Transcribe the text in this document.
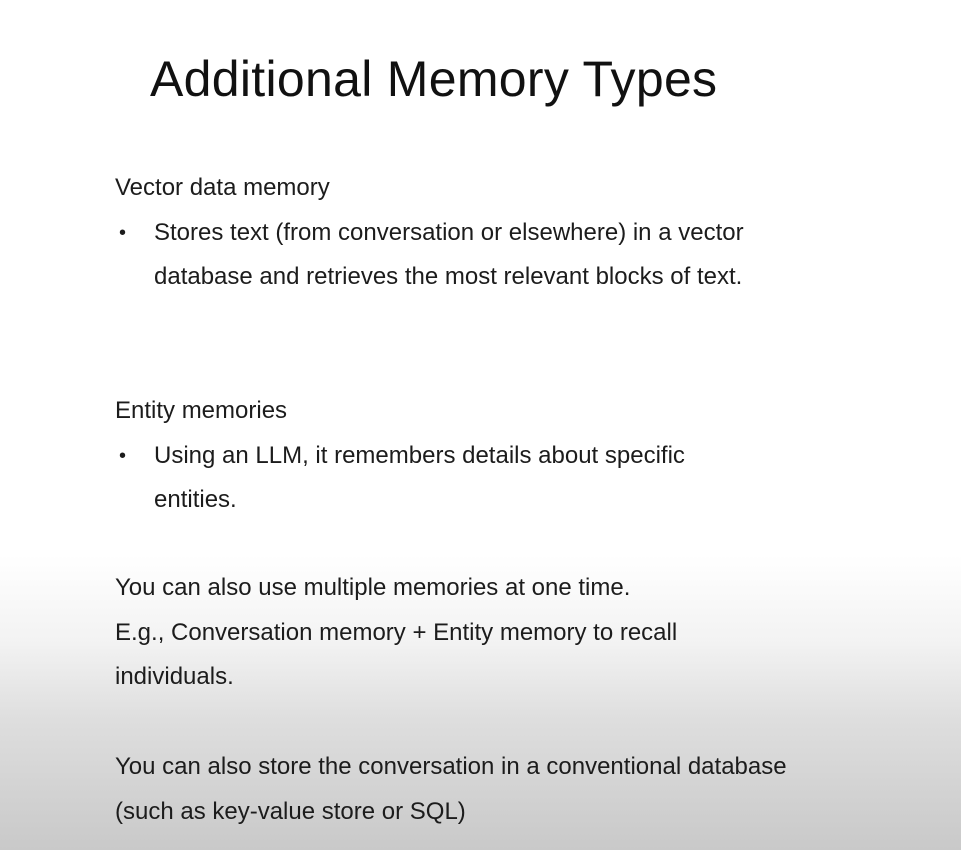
Additional Memory Types
Vector data memory
• Stores text (from conversation or elsewhere) in a vector database and retrieves the most relevant blocks of text.
Entity memories
• Using an LLM, it remembers details about specific entities.
You can also use multiple memories at one time.
E.g., Conversation memory + Entity memory to recall individuals.
You can also store the conversation in a conventional database (such as key-value store or SQL)
